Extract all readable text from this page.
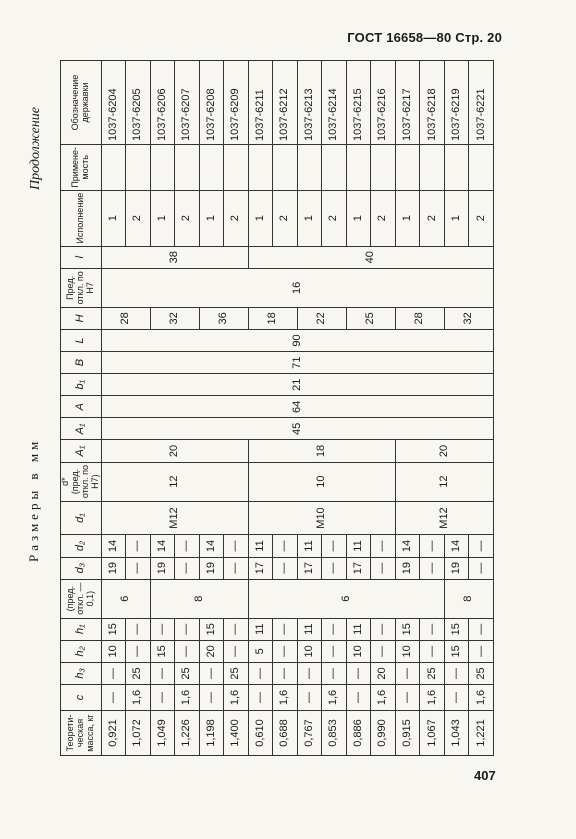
ГОСТ 16658—80 Стр. 20
Продолжение
Размеры в мм
Теорети-ческая масса, кг	c	h₃	h₂	h₁	(пред. откл. —0,1)	d₃	d₂	d₁	d* (пред. откл. по H7)	A₁	A₁	A	b₁	B	L	H	Пред. откл. по H7	l	Исполнение	Примене-мость	Обозначение державки
0,921	—	—	10	15	6	19	14	M12	12	20	45	64	21	71	90	28	16	38	1		1037-6204
1,072	1,6	25	—	—		—	—												2		1037-6205
1,049	—	—	15	—	8	19	14									32			1		1037-6206
1,226	1,6	25	—	—		—	—												2		1037-6207
1,198	—	—	20	15		19	14									36			1		1037-6208
1,400	1,6	25	—	—		—	—												2		1037-6209
0,610	—	—	5	11	6	17	11	M10	10	18						18		40	1		1037-6211
0,688	1,6	—	—	—		—	—												2		1037-6212
0,767	—	—	10	11		17	11									22			1		1037-6213
0,853	1,6	—	—	—		—	—												2		1037-6214
0,886	—	—	10	11		17	11									25			1		1037-6215
0,990	1,6	20	—	—		—	—												2		1037-6216
0,915	—	—	10	15		19	14	M12	12	20						28			1		1037-6217
1,067	1,6	25	—	—		—	—												2		1037-6218
1,043	—	—	15	15	8	19	14									32			1		1037-6219
1,221	1,6	25	—	—		—	—												2		1037-6221
407
